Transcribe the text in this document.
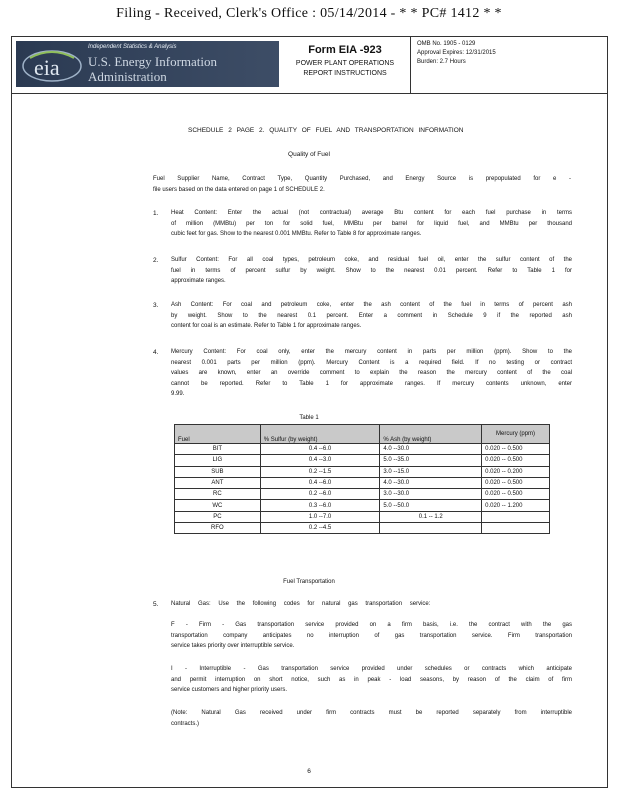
Filing - Received, Clerk's Office : 05/14/2014 - * * PC# 1412 * *
eia
Independent Statistics & Analysis
U.S. Energy Information
Administration
Form EIA -923
POWER PLANT OPERATIONS
REPORT INSTRUCTIONS
OMB No. 1905 - 0129
Approval Expires: 12/31/2015
Burden: 2.7 Hours
SCHEDULE 2 PAGE 2. QUALITY OF FUEL AND TRANSPORTATION INFORMATION
Quality of Fuel
Fuel Supplier Name, Contract Type, Quantity Purchased, and Energy Source is prepopulated for e -
file users based on the data entered on page 1 of SCHEDULE 2.
1. Heat Content: Enter the actual (not contractual) average Btu content for each fuel purchase in terms
of million (MMBtu) per ton for solid fuel, MMBtu per barrel for liquid fuel, and MMBtu per thousand
cubic feet for gas. Show to the nearest 0.001 MMBtu. Refer to Table 8 for approximate ranges.
2. Sulfur Content: For all coal types, petroleum coke, and residual fuel oil, enter the sulfur content of the
fuel in terms of percent sulfur by weight. Show to the nearest 0.01 percent. Refer to Table 1 for
approximate ranges.
3. Ash Content: For coal and petroleum coke, enter the ash content of the fuel in terms of percent ash
by weight. Show to the nearest 0.1 percent. Enter a comment in Schedule 9 if the reported ash
content for coal is an estimate. Refer to Table 1 for approximate ranges.
4. Mercury Content: For coal only, enter the mercury content in parts per million (ppm). Show to the
nearest 0.001 parts per million (ppm). Mercury Content is a required field. If no testing or contract
values are known, enter an override comment to explain the reason the mercury content of the coal
cannot be reported. Refer to Table 1 for approximate ranges. If mercury contents unknown, enter
9.99.
Table 1
Fuel	% Sulfur (by weight)	% Ash (by weight)	Mercury (ppm)
BIT	0.4 --6.0	4.0 --30.0	0.020 -- 0.500
LIG	0.4 --3.0	5.0 --35.0	0.020 -- 0.500
SUB	0.2 --1.5	3.0 --15.0	0.020 -- 0.200
ANT	0.4 --6.0	4.0 --30.0	0.020 -- 0.500
RC	0.2 --6.0	3.0 --30.0	0.020 -- 0.500
WC	0.3 --6.0	5.0 --50.0	0.020 -- 1.200
PC	1.0 --7.0	0.1 -- 1.2	
RFO	0.2 --4.5		
Fuel Transportation
5. Natural Gas: Use the following codes for natural gas transportation service:
F - Firm - Gas transportation service provided on a firm basis, i.e. the contract with the gas
transportation company anticipates no interruption of gas transportation service. Firm transportation
service takes priority over interruptible service.
I - Interruptible - Gas transportation service provided under schedules or contracts which anticipate
and permit interruption on short notice, such as in peak - load seasons, by reason of the claim of firm
service customers and higher priority users.
(Note: Natural Gas received under firm contracts must be reported separately from interruptible
contracts.)
6
